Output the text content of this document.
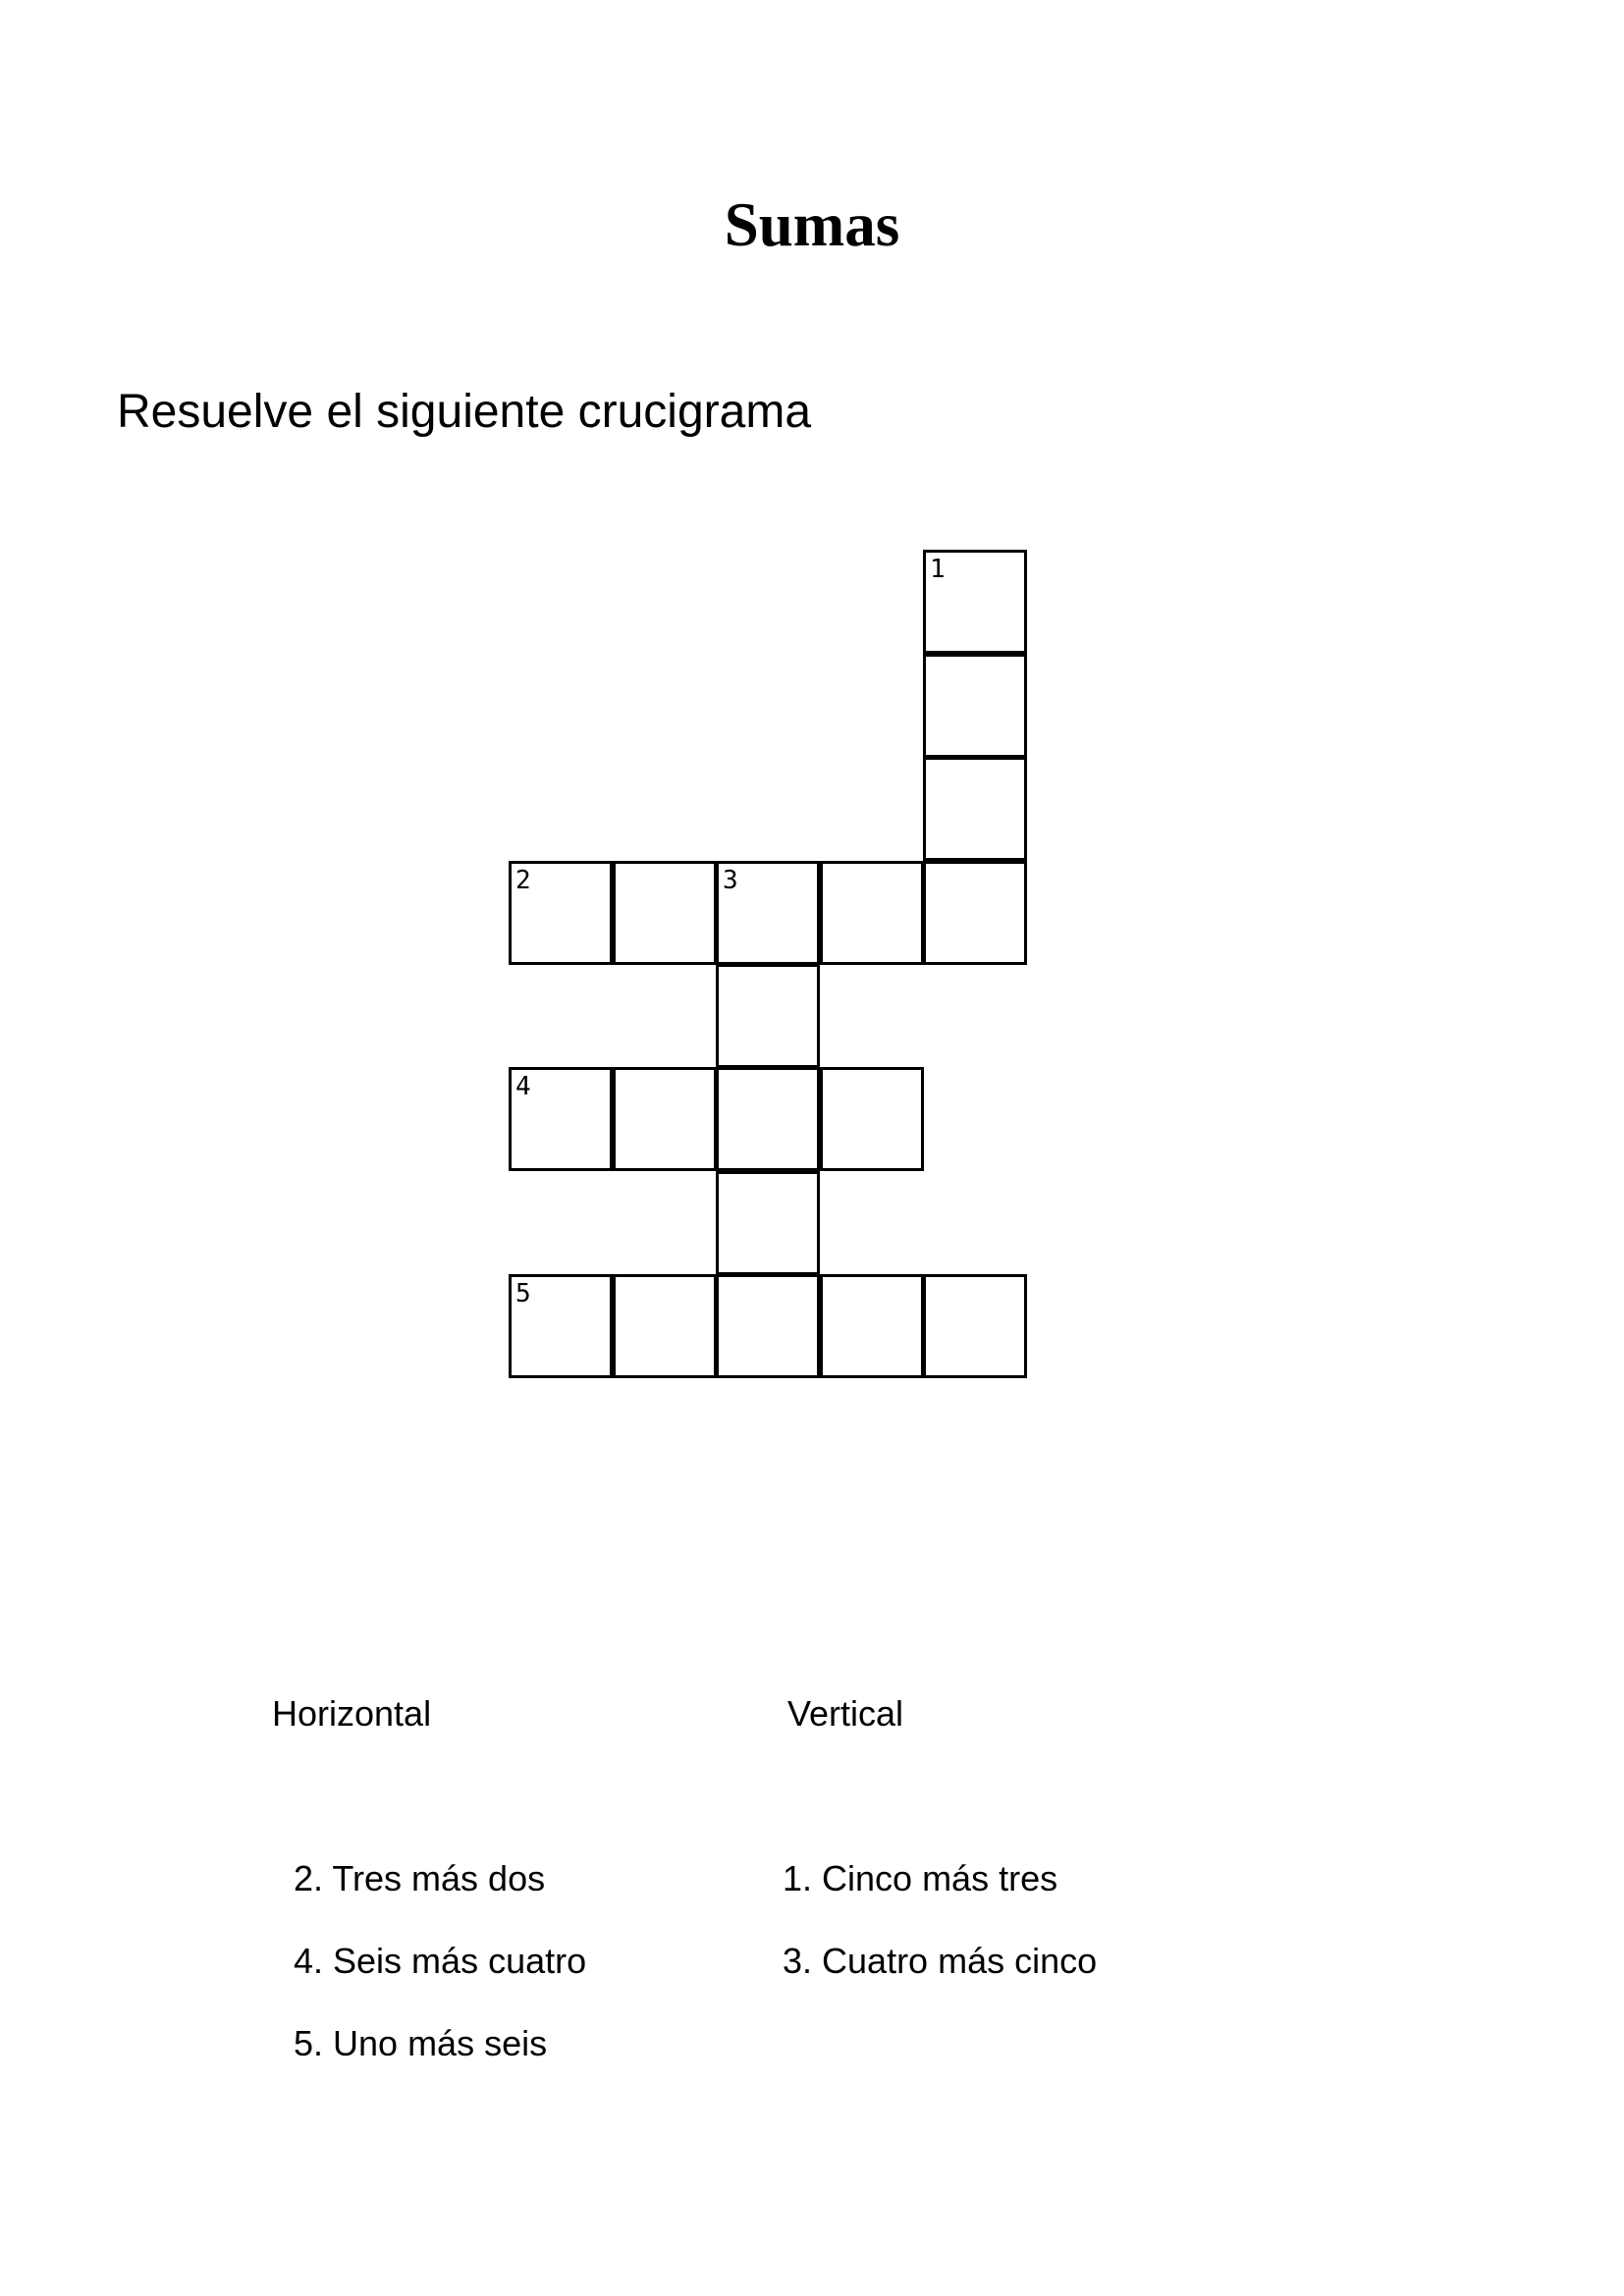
Sumas

Resuelve el siguiente crucigrama

1
2	3
4
5
Horizontal	Vertical
2. Tres más dos
4. Seis más cuatro
5. Uno más seis
1. Cinco más tres
3. Cuatro más cinco
